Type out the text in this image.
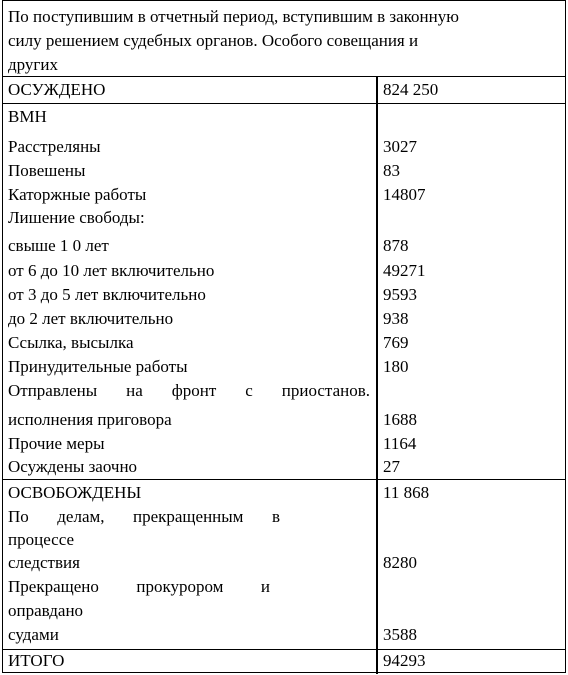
По поступившим в отчетный период, вступившим в законную
силу решением судебных органов. Особого совещания и
других
ОСУЖДЕНО	824 250
ВМН
Расстреляны	3027
Повешены	83
Каторжные работы	14807
Лишение свободы:
свыше 1 0 лет	878
от 6 до 10 лет включительно	49271
от 3 до 5 лет включительно	9593
до 2 лет включительно	938
Ссылка, высылка	769
Принудительные работы	180
Отправлены на фронт с приостанов.
исполнения приговора	1688
Прочие меры	1164
Осуждены заочно	27
ОСВОБОЖДЕНЫ	11 868
По делам, прекращенным в
процессе
следствия	8280
Прекращено прокурором и
оправдано
судами	3588
ИТОГО	94293
